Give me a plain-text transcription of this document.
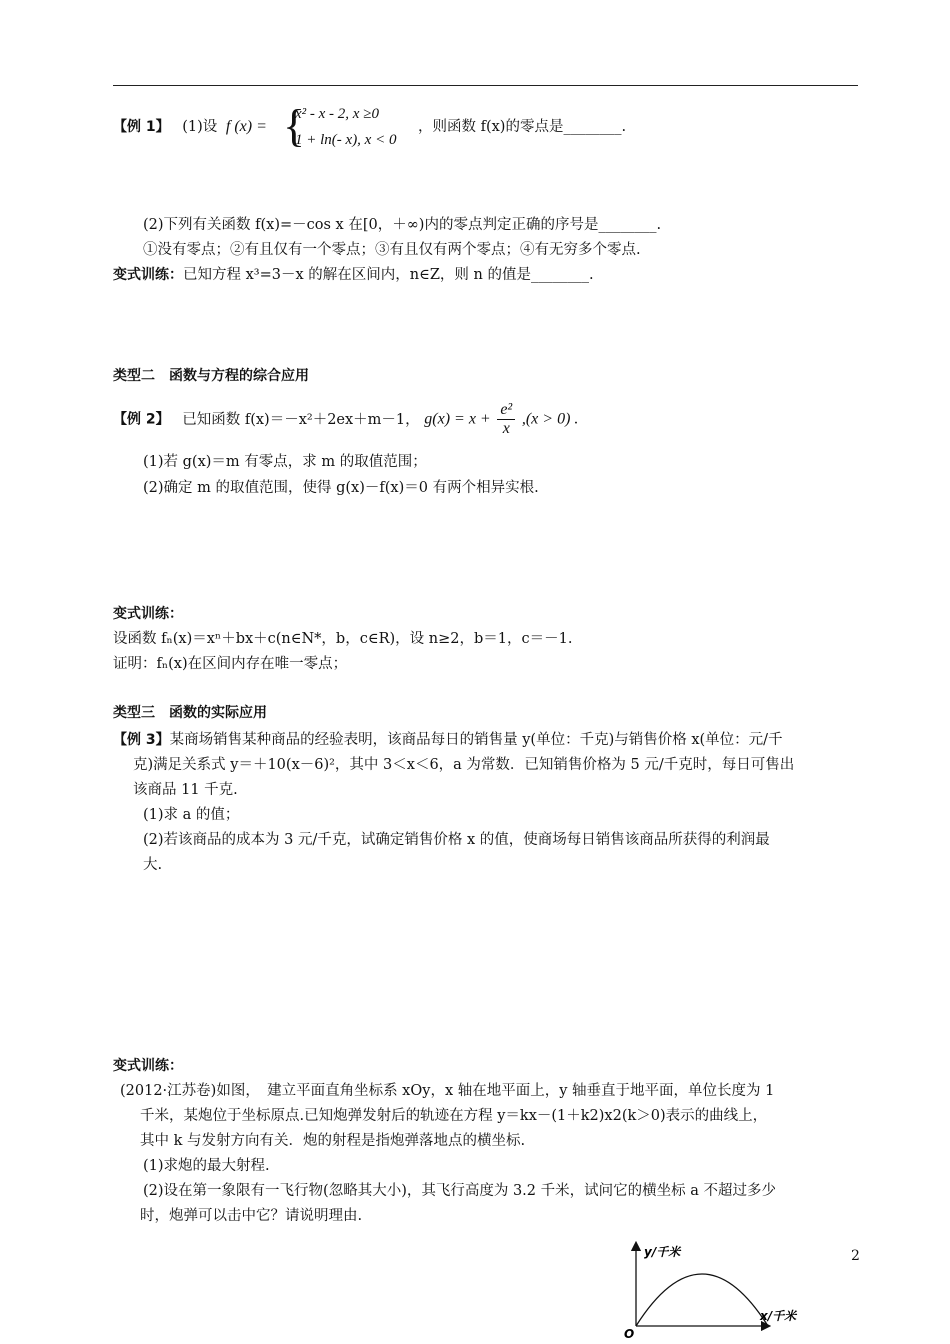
【例 1】 (1)设 f (x) = {
x² - x - 2, x ≥0
1 + ln(- x), x < 0
，则函数 f(x)的零点是________.
(2)下列有关函数 f(x)=－cos x 在[0，＋∞)内的零点判定正确的序号是________.
①没有零点；②有且仅有一个零点；③有且仅有两个零点；④有无穷多个零点.
变式训练：已知方程 x³=3－x 的解在区间内，n∈Z，则 n 的值是________.
类型二　函数与方程的综合应用
【例 2】 已知函数 f(x)＝－x²＋2ex＋m－1， $g(x) = x + \frac{\text{e²}}{x} ,(x > 0)$ .
(1)若 g(x)＝m 有零点，求 m 的取值范围；
(2)确定 m 的取值范围，使得 g(x)－f(x)＝0 有两个相异实根.
变式训练：
设函数 fₙ(x)＝xⁿ＋bx＋c(n∈N*，b，c∈R)，设 n≥2，b＝1，c＝－1.
证明：fₙ(x)在区间内存在唯一零点；
类型三　函数的实际应用
【例 3】某商场销售某种商品的经验表明，该商品每日的销售量 y(单位：千克)与销售价格 x(单位：元/千
克)满足关系式 y＝＋10(x－6)²，其中 3＜x＜6，a 为常数．已知销售价格为 5 元/千克时，每日可售出
该商品 11 千克.
(1)求 a 的值；
(2)若该商品的成本为 3 元/千克，试确定销售价格 x 的值，使商场每日销售该商品所获得的利润最
大.
变式训练：
(2012·江苏卷)如图，　建立平面直角坐标系 xOy，x 轴在地平面上，y 轴垂直于地平面，单位长度为 1
千米，某炮位于坐标原点.已知炮弹发射后的轨迹在方程 y＝kx－(1＋k2)x2(k＞0)表示的曲线上，
其中 k 与发射方向有关．炮的射程是指炮弹落地点的横坐标.
(1)求炮的最大射程.
(2)设在第一象限有一飞行物(忽略其大小)，其飞行高度为 3.2 千米，试问它的横坐标 a 不超过多少
时，炮弹可以击中它？请说明理由.
2
y/千米
x/千米
O
